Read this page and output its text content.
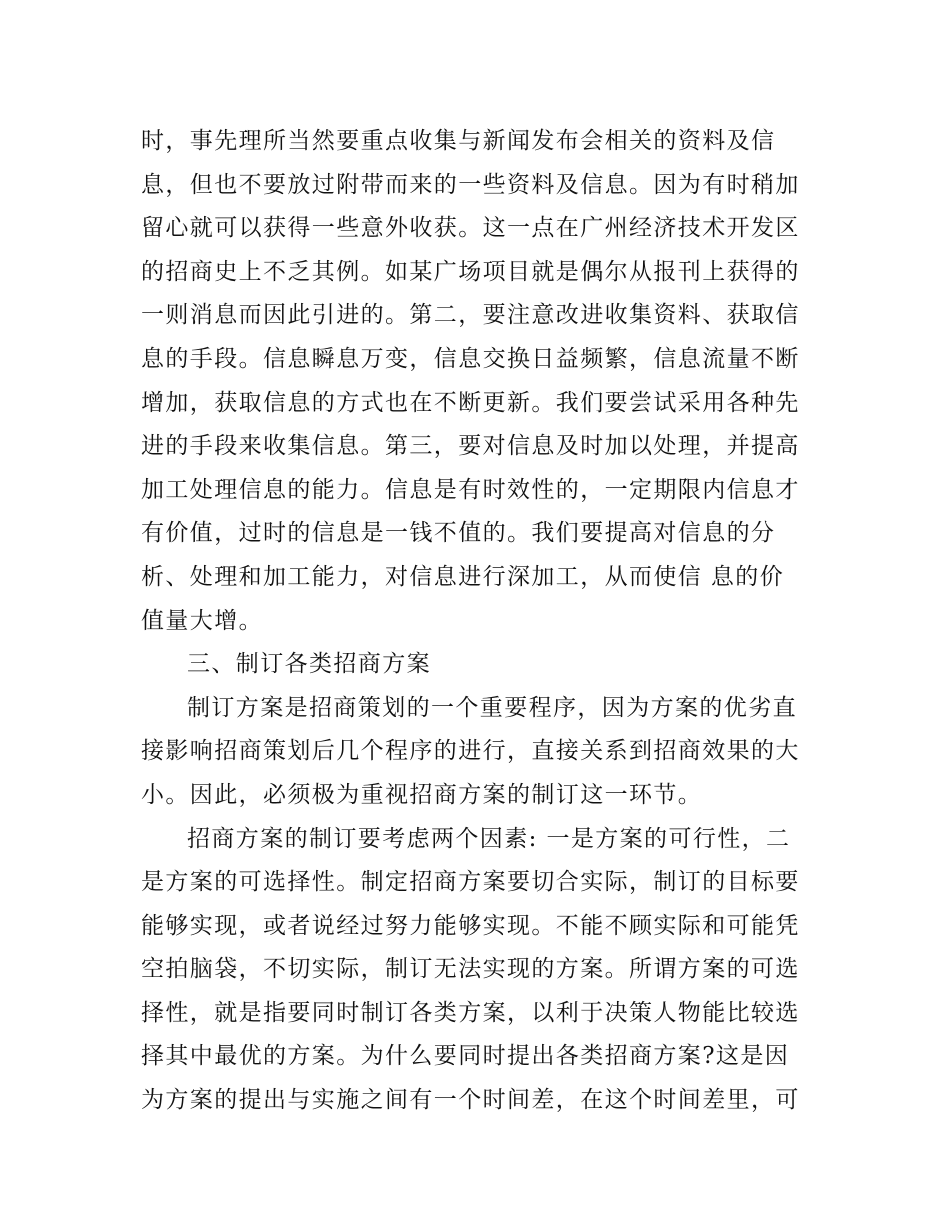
时，事先理所当然要重点收集与新闻发布会相关的资料及信
息，但也不要放过附带而来的一些资料及信息。因为有时稍加
留心就可以获得一些意外收获。这一点在广州经济技术开发区
的招商史上不乏其例。如某广场项目就是偶尔从报刊上获得的
一则消息而因此引进的。第二，要注意改进收集资料、获取信
息的手段。信息瞬息万变，信息交换日益频繁，信息流量不断
增加，获取信息的方式也在不断更新。我们要尝试采用各种先
进的手段来收集信息。第三，要对信息及时加以处理，并提高
加工处理信息的能力。信息是有时效性的，一定期限内信息才
有价值，过时的信息是一钱不值的。我们要提高对信息的分
析、处理和加工能力，对信息进行深加工，从而使信 息的价
值量大增。
三、制订各类招商方案
制订方案是招商策划的一个重要程序，因为方案的优劣直
接影响招商策划后几个程序的进行，直接关系到招商效果的大
小。因此，必须极为重视招商方案的制订这一环节。
招商方案的制订要考虑两个因素: 一是方案的可行性，二
是方案的可选择性。制定招商方案要切合实际，制订的目标要
能够实现，或者说经过努力能够实现。不能不顾实际和可能凭
空拍脑袋，不切实际，制订无法实现的方案。所谓方案的可选
择性，就是指要同时制订各类方案，以利于决策人物能比较选
择其中最优的方案。为什么要同时提出各类招商方案?这是因
为方案的提出与实施之间有一个时间差，在这个时间差里，可
